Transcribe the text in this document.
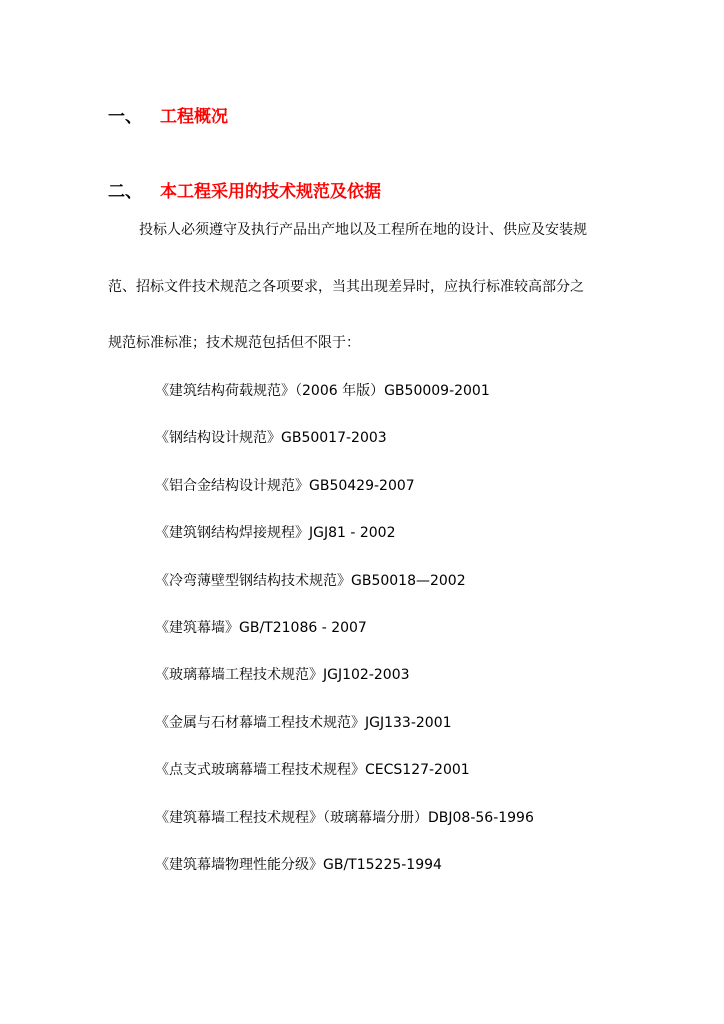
一、 工程概况
二、 本工程采用的技术规范及依据
投标人必须遵守及执行产品出产地以及工程所在地的设计、供应及安装规
范、招标文件技术规范之各项要求，当其出现差异时，应执行标准较高部分之
规范标准标准；技术规范包括但不限于：
《建筑结构荷载规范》（2006 年版）GB50009-2001
《钢结构设计规范》GB50017-2003
《铝合金结构设计规范》GB50429-2007
《建筑钢结构焊接规程》JGJ81 - 2002
《冷弯薄壁型钢结构技术规范》GB50018—2002
《建筑幕墙》GB/T21086 - 2007
《玻璃幕墙工程技术规范》JGJ102-2003
《金属与石材幕墙工程技术规范》JGJ133-2001
《点支式玻璃幕墙工程技术规程》CECS127-2001
《建筑幕墙工程技术规程》（玻璃幕墙分册）DBJ08-56-1996
《建筑幕墙物理性能分级》GB/T15225-1994
